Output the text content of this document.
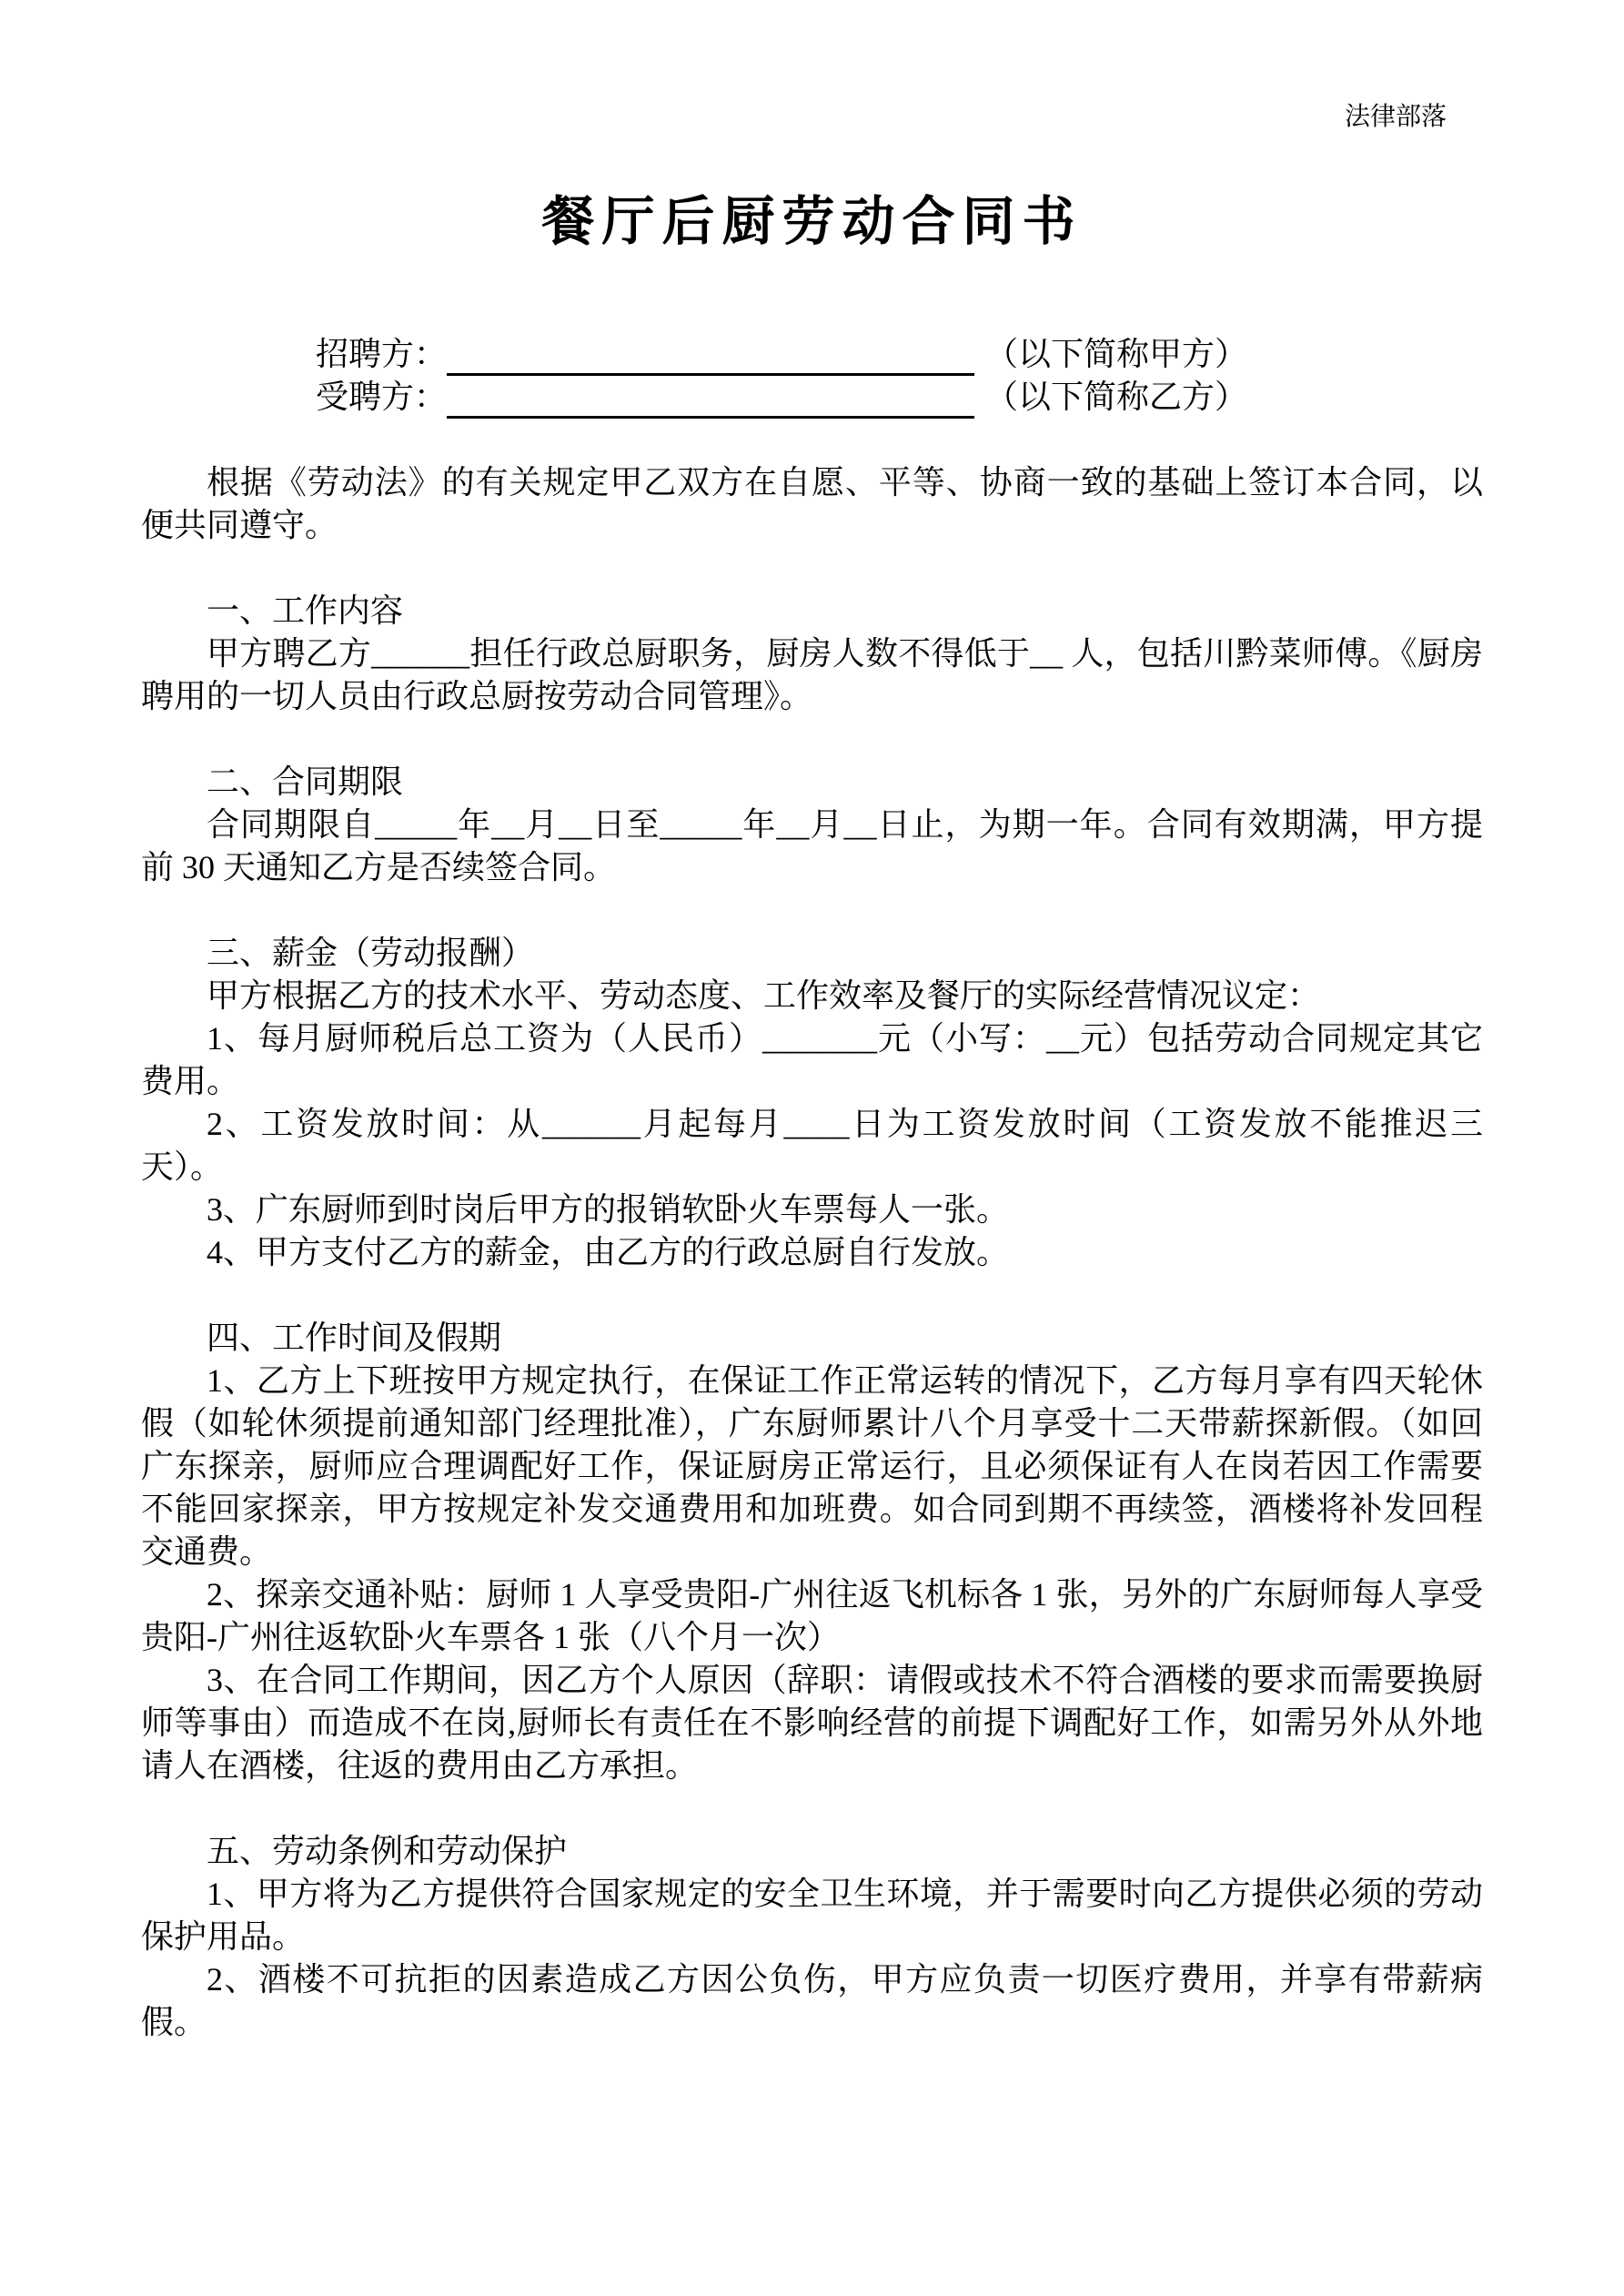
法律部落
餐厅后厨劳动合同书
招聘方：	（以下简称甲方）
受聘方：	（以下简称乙方）

根据《劳动法》的有关规定甲乙双方在自愿、平等、协商一致的基础上签订本合同，以便共同遵守。

一、工作内容

甲方聘乙方______担任行政总厨职务，厨房人数不得低于__ 人，包括川黔菜师傅。《厨房聘用的一切人员由行政总厨按劳动合同管理》。

二、合同期限

合同期限自_____年__月__日至_____年__月__日止，为期一年。合同有效期满，甲方提前 30 天通知乙方是否续签合同。

三、薪金（劳动报酬）

甲方根据乙方的技术水平、劳动态度、工作效率及餐厅的实际经营情况议定：

1、每月厨师税后总工资为（人民币）_______元（小写：__元）包括劳动合同规定其它费用。

2、工资发放时间：从______月起每月____日为工资发放时间（工资发放不能推迟三天）。

3、广东厨师到时岗后甲方的报销软卧火车票每人一张。

4、甲方支付乙方的薪金，由乙方的行政总厨自行发放。

四、工作时间及假期

1、乙方上下班按甲方规定执行，在保证工作正常运转的情况下，乙方每月享有四天轮休假（如轮休须提前通知部门经理批准），广东厨师累计八个月享受十二天带薪探新假。（如回广东探亲，厨师应合理调配好工作，保证厨房正常运行，且必须保证有人在岗若因工作需要不能回家探亲，甲方按规定补发交通费用和加班费。如合同到期不再续签，酒楼将补发回程交通费。

2、探亲交通补贴：厨师 1 人享受贵阳-广州往返飞机标各 1 张，另外的广东厨师每人享受贵阳-广州往返软卧火车票各 1 张（八个月一次）

3、在合同工作期间，因乙方个人原因（辞职：请假或技术不符合酒楼的要求而需要换厨师等事由）而造成不在岗,厨师长有责任在不影响经营的前提下调配好工作，如需另外从外地请人在酒楼，往返的费用由乙方承担。

五、劳动条例和劳动保护

1、甲方将为乙方提供符合国家规定的安全卫生环境，并于需要时向乙方提供必须的劳动保护用品。

2、酒楼不可抗拒的因素造成乙方因公负伤，甲方应负责一切医疗费用，并享有带薪病假。
